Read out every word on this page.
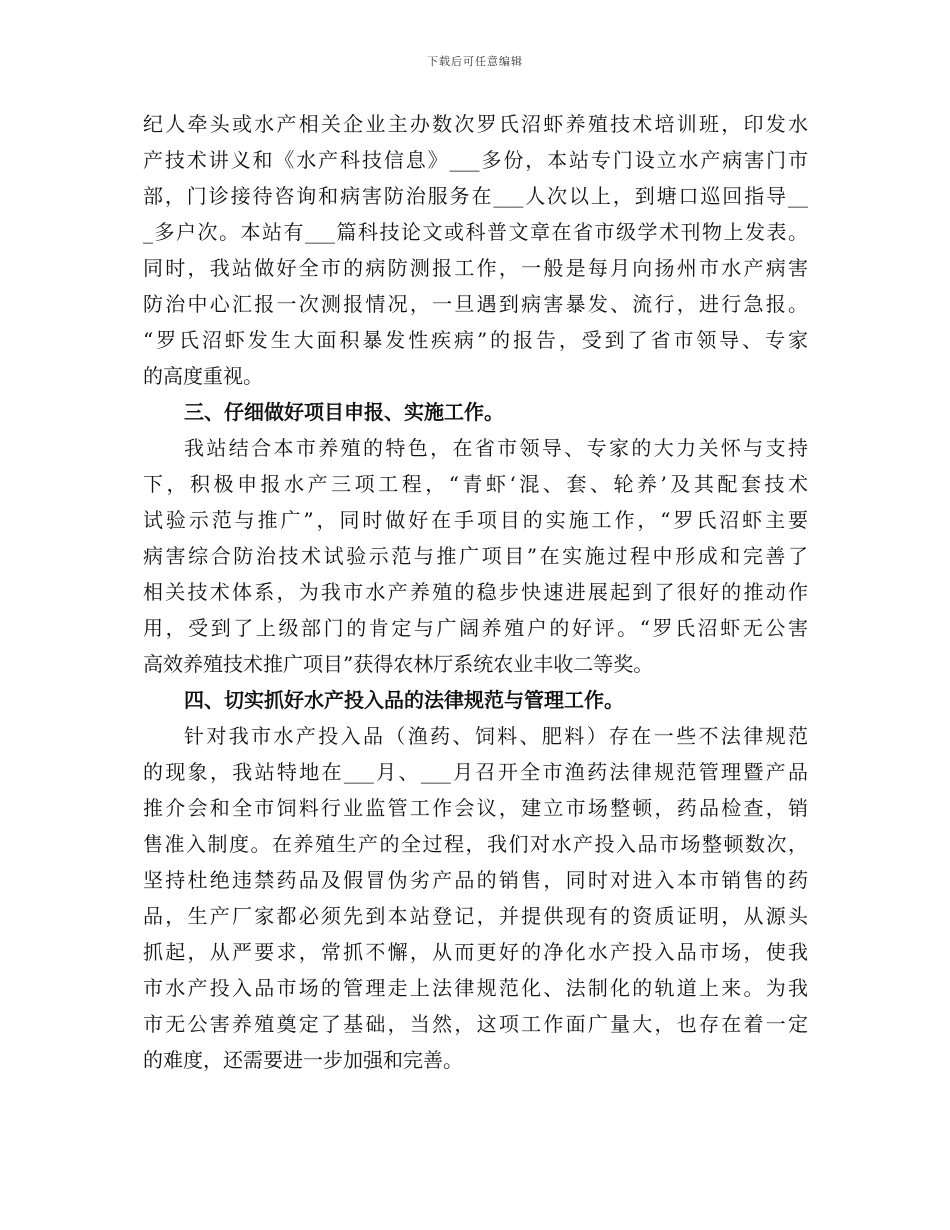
下载后可任意编辑
纪人牵头或水产相关企业主办数次罗氏沼虾养殖技术培训班，印发水
产技术讲义和《水产科技信息》___多份，本站专门设立水产病害门市
部，门诊接待咨询和病害防治服务在___人次以上，到塘口巡回指导__
_多户次。本站有___篇科技论文或科普文章在省市级学术刊物上发表。
同时，我站做好全市的病防测报工作，一般是每月向扬州市水产病害
防治中心汇报一次测报情况，一旦遇到病害暴发、流行，进行急报。
“罗氏沼虾发生大面积暴发性疾病”的报告，受到了省市领导、专家
的高度重视。
三、仔细做好项目申报、实施工作。
我站结合本市养殖的特色，在省市领导、专家的大力关怀与支持
下，积极申报水产三项工程，“青虾‘混、套、轮养’及其配套技术
试验示范与推广”，同时做好在手项目的实施工作，“罗氏沼虾主要
病害综合防治技术试验示范与推广项目”在实施过程中形成和完善了
相关技术体系，为我市水产养殖的稳步快速进展起到了很好的推动作
用，受到了上级部门的肯定与广阔养殖户的好评。“罗氏沼虾无公害
高效养殖技术推广项目”获得农林厅系统农业丰收二等奖。
四、切实抓好水产投入品的法律规范与管理工作。
针对我市水产投入品（渔药、饲料、肥料）存在一些不法律规范
的现象，我站特地在___月、___月召开全市渔药法律规范管理暨产品
推介会和全市饲料行业监管工作会议，建立市场整顿，药品检查，销
售准入制度。在养殖生产的全过程，我们对水产投入品市场整顿数次，
坚持杜绝违禁药品及假冒伪劣产品的销售，同时对进入本市销售的药
品，生产厂家都必须先到本站登记，并提供现有的资质证明，从源头
抓起，从严要求，常抓不懈，从而更好的净化水产投入品市场，使我
市水产投入品市场的管理走上法律规范化、法制化的轨道上来。为我
市无公害养殖奠定了基础，当然，这项工作面广量大，也存在着一定
的难度，还需要进一步加强和完善。
